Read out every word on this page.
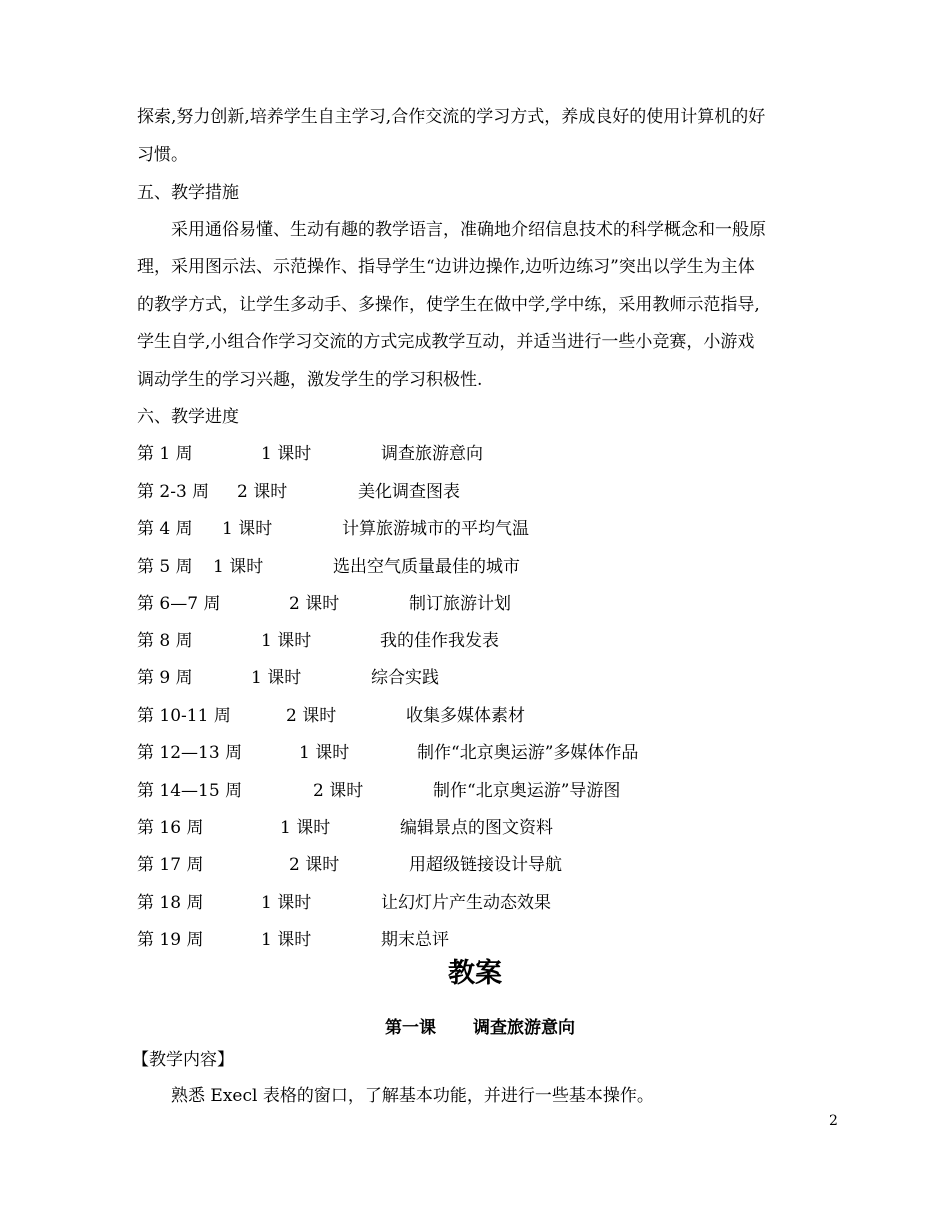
探索,努力创新,培养学生自主学习,合作交流的学习方式，养成良好的使用计算机的好
习惯。
五、教学措施
采用通俗易懂、生动有趣的教学语言，准确地介绍信息技术的科学概念和一般原
理，采用图示法、示范操作、指导学生“边讲边操作,边听边练习”突出以学生为主体
的教学方式，让学生多动手、多操作，使学生在做中学,学中练，采用教师示范指导,
学生自学,小组合作学习交流的方式完成教学互动，并适当进行一些小竞赛，小游戏
调动学生的学习兴趣，激发学生的学习积极性.
六、教学进度
第 1 周	1 课时	调查旅游意向
第 2-3 周 2 课时	美化调查图表
第 4 周 1 课时	计算旅游城市的平均气温
第 5 周 1 课时	选出空气质量最佳的城市
第 6—7 周	2 课时	制订旅游计划
第 8 周	1 课时	我的佳作我发表
第 9 周	1 课时	综合实践
第 10-11 周	2 课时	收集多媒体素材
第 12—13 周	1 课时	制作“北京奥运游”多媒体作品
第 14—15 周	2 课时	制作“北京奥运游”导游图
第 16 周	1 课时	编辑景点的图文资料
第 17 周	2 课时	用超级链接设计导航
第 18 周	1 课时	让幻灯片产生动态效果
第 19 周	1 课时	期末总评
教案
第一课 调查旅游意向
【教学内容】
熟悉 Execl 表格的窗口，了解基本功能，并进行一些基本操作。
2
